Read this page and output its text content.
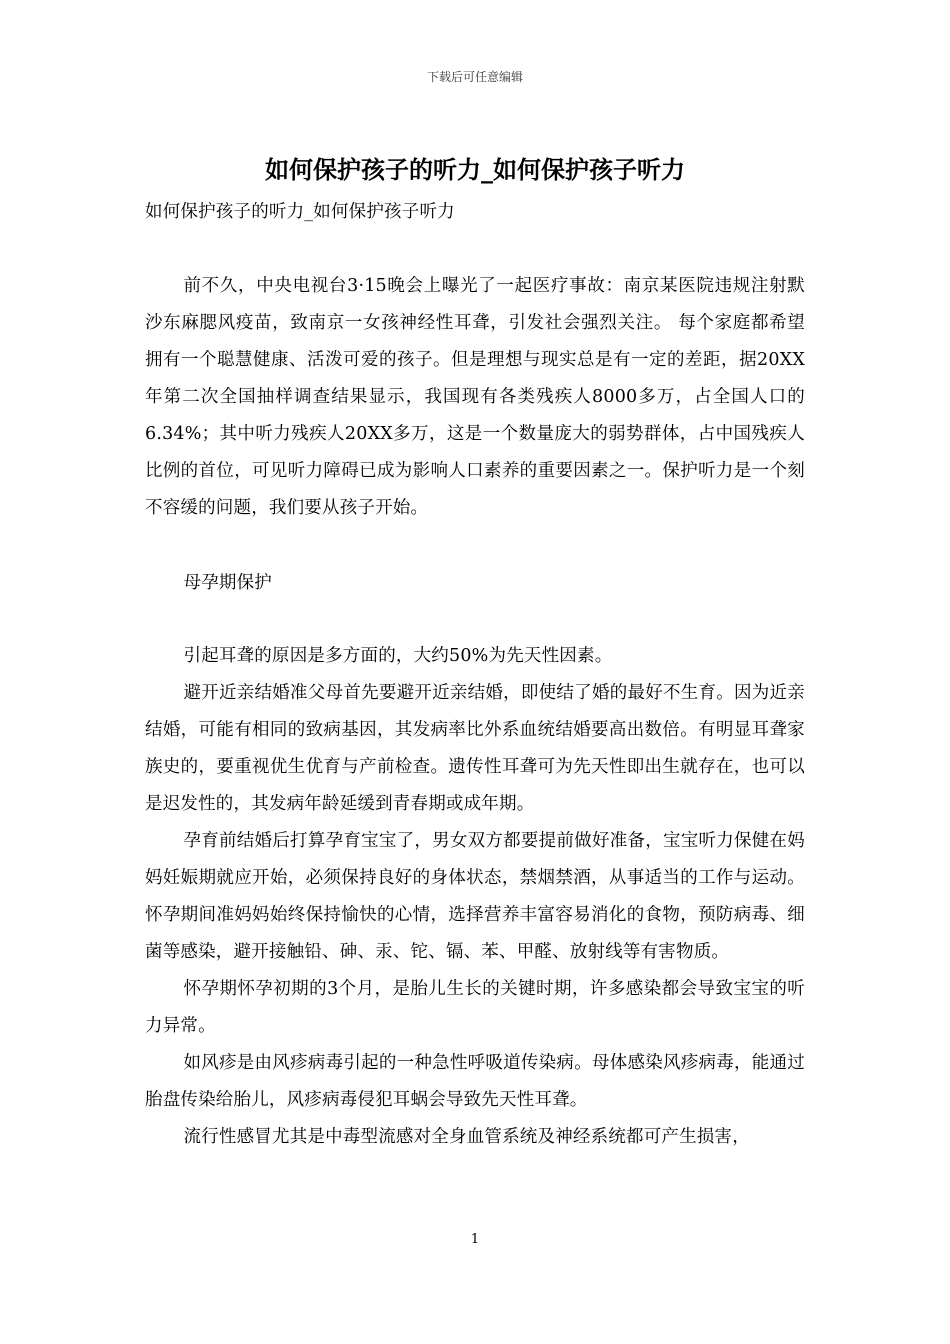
下载后可任意编辑
如何保护孩子的听力_如何保护孩子听力
如何保护孩子的听力_如何保护孩子听力

前不久，中央电视台3·15晚会上曝光了一起医疗事故：南京某医院违规注射默沙东麻腮风疫苗，致南京一女孩神经性耳聋，引发社会强烈关注。 每个家庭都希望拥有一个聪慧健康、活泼可爱的孩子。但是理想与现实总是有一定的差距，据20XX年第二次全国抽样调查结果显示，我国现有各类残疾人8000多万，占全国人口的6.34%；其中听力残疾人20XX多万，这是一个数量庞大的弱势群体，占中国残疾人比例的首位，可见听力障碍已成为影响人口素养的重要因素之一。保护听力是一个刻不容缓的问题，我们要从孩子开始。

母孕期保护

引起耳聋的原因是多方面的，大约50%为先天性因素。

避开近亲结婚准父母首先要避开近亲结婚，即使结了婚的最好不生育。因为近亲结婚，可能有相同的致病基因，其发病率比外系血统结婚要高出数倍。有明显耳聋家族史的，要重视优生优育与产前检查。遗传性耳聋可为先天性即出生就存在，也可以是迟发性的，其发病年龄延缓到青春期或成年期。

孕育前结婚后打算孕育宝宝了，男女双方都要提前做好准备，宝宝听力保健在妈妈妊娠期就应开始，必须保持良好的身体状态，禁烟禁酒，从事适当的工作与运动。怀孕期间准妈妈始终保持愉快的心情，选择营养丰富容易消化的食物，预防病毒、细菌等感染，避开接触铅、砷、汞、铊、镉、苯、甲醛、放射线等有害物质。

怀孕期怀孕初期的3个月，是胎儿生长的关键时期，许多感染都会导致宝宝的听力异常。

如风疹是由风疹病毒引起的一种急性呼吸道传染病。母体感染风疹病毒，能通过胎盘传染给胎儿，风疹病毒侵犯耳蜗会导致先天性耳聋。

流行性感冒尤其是中毒型流感对全身血管系统及神经系统都可产生损害，

1
